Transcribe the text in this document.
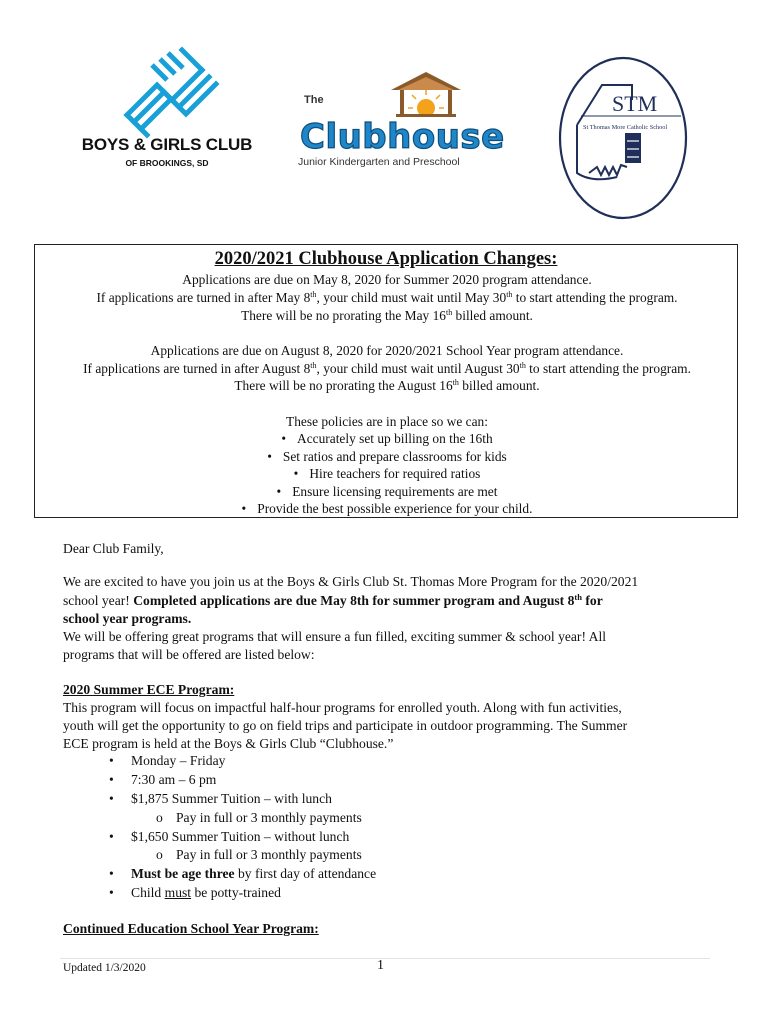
BOYS & GIRLS CLUB
OF BROOKINGS, SD
The
Clubhouse
Junior Kindergarten and Preschool
STM
St Thomas More Catholic School
2020/2021 Clubhouse Application Changes:
Applications are due on May 8, 2020 for Summer 2020 program attendance.
If applications are turned in after May 8th, your child must wait until May 30th to start attending the program.
There will be no prorating the May 16th billed amount.
Applications are due on August 8, 2020 for 2020/2021 School Year program attendance.
If applications are turned in after August 8th, your child must wait until August 30th to start attending the program.
There will be no prorating the August 16th billed amount.
These policies are in place so we can:
• Accurately set up billing on the 16th
• Set ratios and prepare classrooms for kids
• Hire teachers for required ratios
• Ensure licensing requirements are met
• Provide the best possible experience for your child.
Dear Club Family,
We are excited to have you join us at the Boys & Girls Club St. Thomas More Program for the 2020/2021
school year! Completed applications are due May 8th for summer program and August 8th for
school year programs.
We will be offering great programs that will ensure a fun filled, exciting summer & school year! All
programs that will be offered are listed below:
2020 Summer ECE Program:
This program will focus on impactful half-hour programs for enrolled youth. Along with fun activities,
youth will get the opportunity to go on field trips and participate in outdoor programming. The Summer
ECE program is held at the Boys & Girls Club “Clubhouse.”
• Monday – Friday
• 7:30 am – 6 pm
• $1,875 Summer Tuition – with lunch
o Pay in full or 3 monthly payments
• $1,650 Summer Tuition – without lunch
o Pay in full or 3 monthly payments
• Must be age three by first day of attendance
• Child must be potty-trained
Continued Education School Year Program:
Updated 1/3/2020	1
